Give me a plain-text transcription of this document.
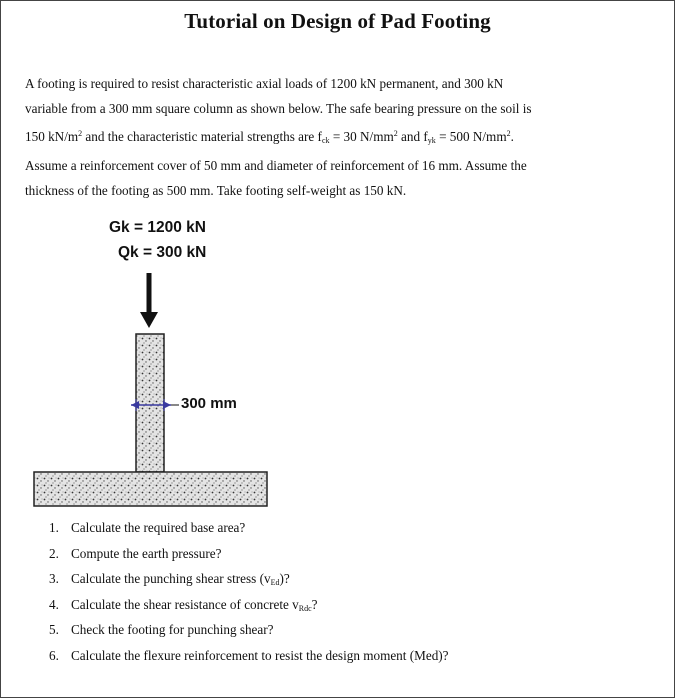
Tutorial on Design of Pad Footing

A footing is required to resist characteristic axial loads of 1200 kN permanent, and 300 kN

variable from a 300 mm square column as shown below. The safe bearing pressure on the soil is

150 $kN/m^2$ and the characteristic material strengths are $f_{ck} = 30$ $N/mm^2$ and $f_{yk} = 500$ $N/mm^2$.

Assume a reinforcement cover of 50 mm and diameter of reinforcement of 16 mm. Assume the

thickness of the footing as 500 mm. Take footing self-weight as 150 kN.

Gk = 1200 kN
Qk = 300 kN
300 mm
1. Calculate the required base area?
2. Compute the earth pressure?
3. Calculate the punching shear stress $(v_{Ed})$?
4. Calculate the shear resistance of concrete $v_{Rdc}$?
5. Check the footing for punching shear?
6. Calculate the flexure reinforcement to resist the design moment (Med)?
